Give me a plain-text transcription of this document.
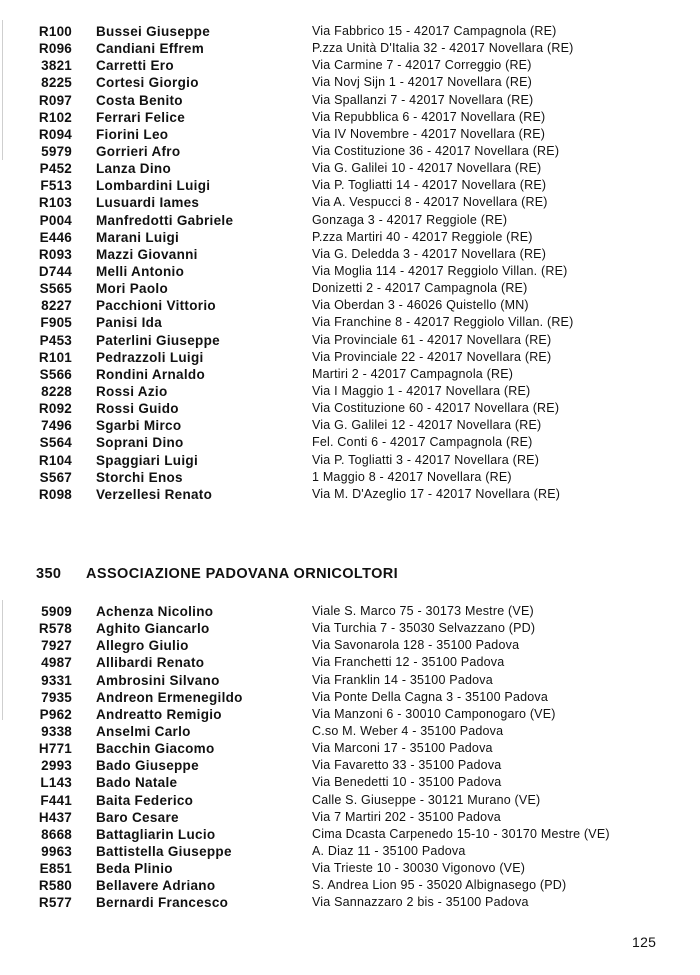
R100 Bussei Giuseppe	Via Fabbrico 15 - 42017 Campagnola (RE)
R096 Candiani Effrem	P.zza Unità D'Italia 32 - 42017 Novellara (RE)
3821 Carretti Ero	Via Carmine 7 - 42017 Correggio (RE)
8225 Cortesi Giorgio	Via Novj Sijn 1 - 42017 Novellara (RE)
R097 Costa Benito	Via Spallanzi 7 - 42017 Novellara (RE)
R102 Ferrari Felice	Via Repubblica 6 - 42017 Novellara (RE)
R094 Fiorini Leo	Via IV Novembre - 42017 Novellara (RE)
5979 Gorrieri Afro	Via Costituzione 36 - 42017 Novellara (RE)
P452 Lanza Dino	Via G. Galilei 10 - 42017 Novellara (RE)
F513 Lombardini Luigi	Via P. Togliatti 14 - 42017 Novellara (RE)
R103 Lusuardi Iames	Via A. Vespucci 8 - 42017 Novellara (RE)
P004 Manfredotti Gabriele	Gonzaga 3 - 42017 Reggiole (RE)
E446 Marani Luigi	P.zza Martiri 40 - 42017 Reggiole (RE)
R093 Mazzi Giovanni	Via G. Deledda 3 - 42017 Novellara (RE)
D744 Melli Antonio	Via Moglia 114 - 42017 Reggiolo Villan. (RE)
S565 Mori Paolo	Donizetti 2 - 42017 Campagnola (RE)
8227 Pacchioni Vittorio	Via Oberdan 3 - 46026 Quistello (MN)
F905 Panisi Ida	Via Franchine 8 - 42017 Reggiolo Villan. (RE)
P453 Paterlini Giuseppe	Via Provinciale 61 - 42017 Novellara (RE)
R101 Pedrazzoli Luigi	Via Provinciale 22 - 42017 Novellara (RE)
S566 Rondini Arnaldo	Martiri 2 - 42017 Campagnola (RE)
8228 Rossi Azio	Via I Maggio 1 - 42017 Novellara (RE)
R092 Rossi Guido	Via Costituzione 60 - 42017 Novellara (RE)
7496 Sgarbi Mirco	Via G. Galilei 12 - 42017 Novellara (RE)
S564 Soprani Dino	Fel. Conti 6 - 42017 Campagnola (RE)
R104 Spaggiari Luigi	Via P. Togliatti 3 - 42017 Novellara (RE)
S567 Storchi Enos	1 Maggio 8 - 42017 Novellara (RE)
R098 Verzellesi Renato	Via M. D'Azeglio 17 - 42017 Novellara (RE)
350 ASSOCIAZIONE PADOVANA ORNICOLTORI
5909 Achenza Nicolino	Viale S. Marco 75 - 30173 Mestre (VE)
R578 Aghito Giancarlo	Via Turchia 7 - 35030 Selvazzano (PD)
7927 Allegro Giulio	Via Savonarola 128 - 35100 Padova
4987 Allibardi Renato	Via Franchetti 12 - 35100 Padova
9331 Ambrosini Silvano	Via Franklin 14 - 35100 Padova
7935 Andreon Ermenegildo	Via Ponte Della Cagna 3 - 35100 Padova
P962 Andreatto Remigio	Via Manzoni 6 - 30010 Camponogaro (VE)
9338 Anselmi Carlo	C.so M. Weber 4 - 35100 Padova
H771 Bacchin Giacomo	Via Marconi 17 - 35100 Padova
2993 Bado Giuseppe	Via Favaretto 33 - 35100 Padova
L143 Bado Natale	Via Benedetti 10 - 35100 Padova
F441 Baita Federico	Calle S. Giuseppe - 30121 Murano (VE)
H437 Baro Cesare	Via 7 Martiri 202 - 35100 Padova
8668 Battagliarin Lucio	Cima Dcasta Carpenedo 15-10 - 30170 Mestre (VE)
9963 Battistella Giuseppe	A. Diaz 11 - 35100 Padova
E851 Beda Plinio	Via Trieste 10 - 30030 Vigonovo (VE)
R580 Bellavere Adriano	S. Andrea Lion 95 - 35020 Albignasego (PD)
R577 Bernardi Francesco	Via Sannazzaro 2 bis - 35100 Padova
125
